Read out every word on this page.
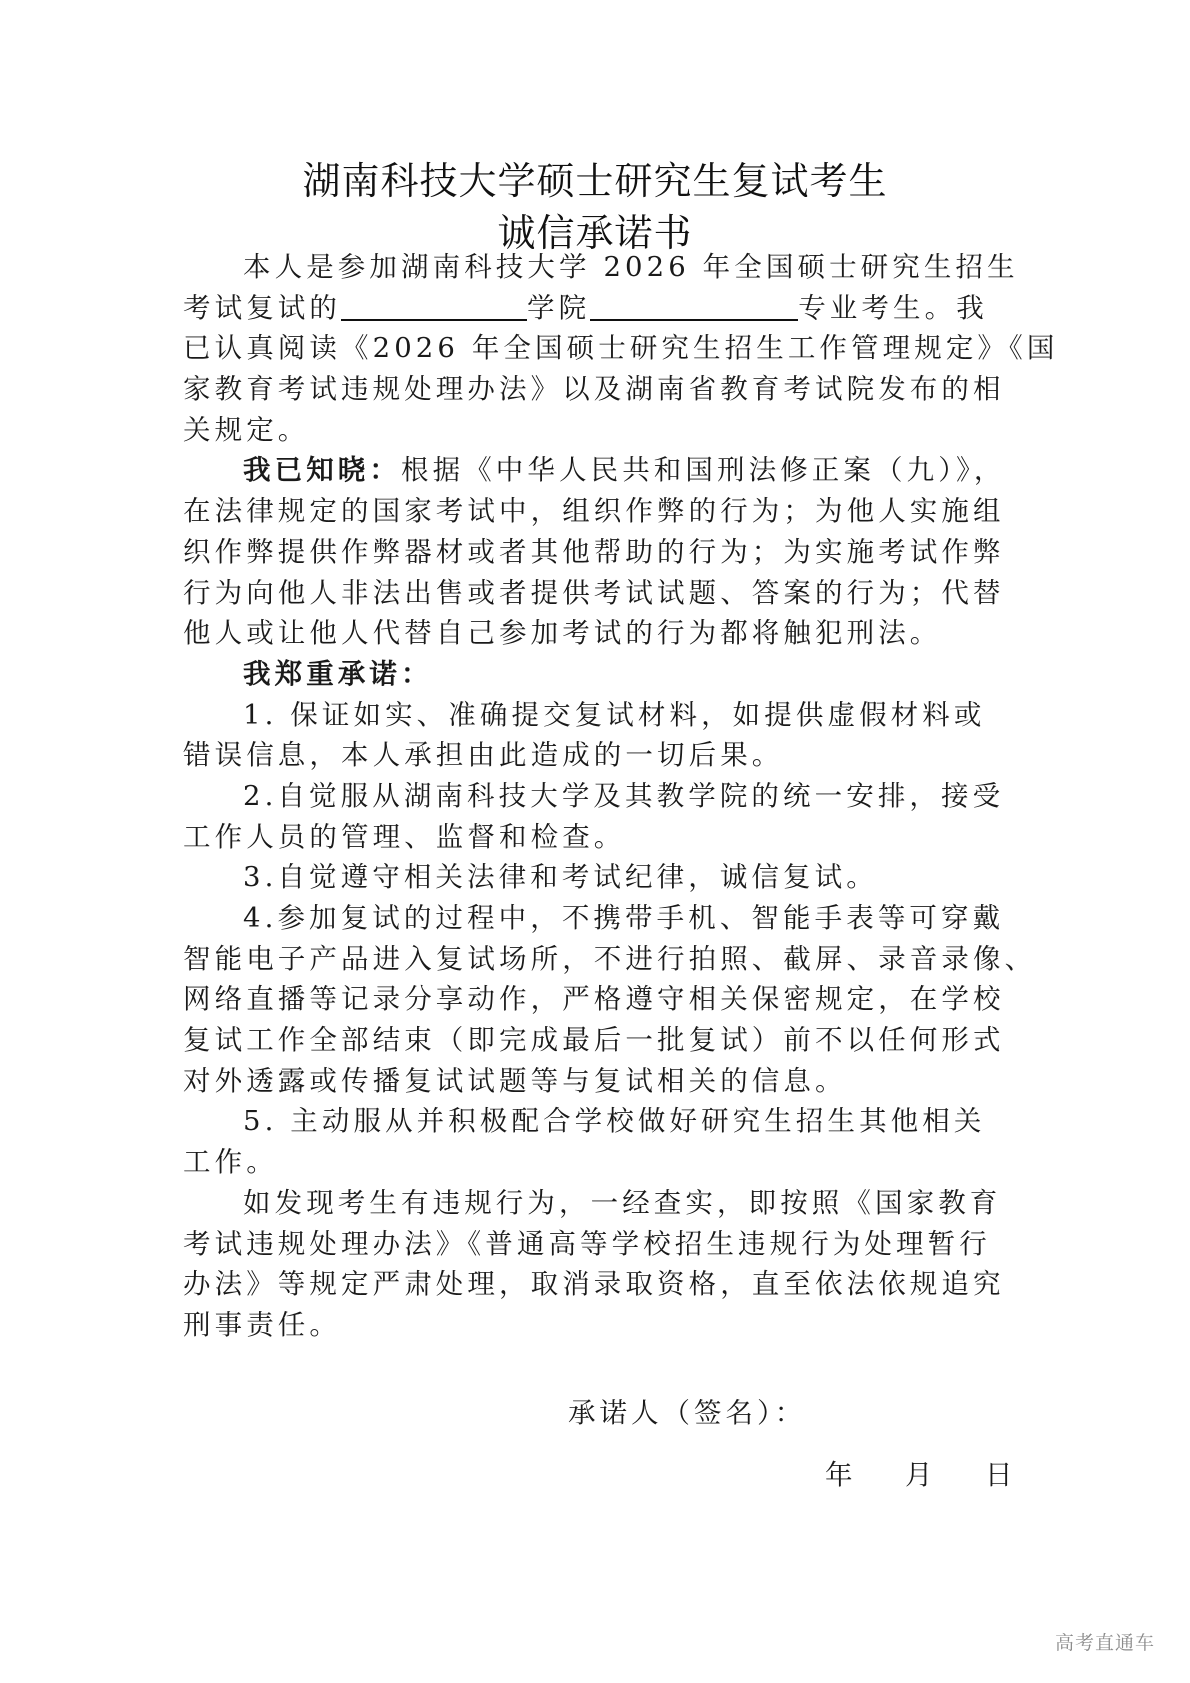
湖南科技大学硕士研究生复试考生
诚信承诺书
本人是参加湖南科技大学 2026 年全国硕士研究生招生
考试复试的	学院	专业考生。我
已认真阅读《2026 年全国硕士研究生招生工作管理规定》《国
家教育考试违规处理办法》以及湖南省教育考试院发布的相
关规定。
我已知晓：根据《中华人民共和国刑法修正案（九）》，
在法律规定的国家考试中，组织作弊的行为；为他人实施组
织作弊提供作弊器材或者其他帮助的行为；为实施考试作弊
行为向他人非法出售或者提供考试试题、答案的行为；代替
他人或让他人代替自己参加考试的行为都将触犯刑法。
我郑重承诺：
1. 保证如实、准确提交复试材料，如提供虚假材料或
错误信息，本人承担由此造成的一切后果。
2.自觉服从湖南科技大学及其教学院的统一安排，接受
工作人员的管理、监督和检查。
3.自觉遵守相关法律和考试纪律，诚信复试。
4.参加复试的过程中，不携带手机、智能手表等可穿戴
智能电子产品进入复试场所，不进行拍照、截屏、录音录像、
网络直播等记录分享动作，严格遵守相关保密规定，在学校
复试工作全部结束（即完成最后一批复试）前不以任何形式
对外透露或传播复试试题等与复试相关的信息。
5. 主动服从并积极配合学校做好研究生招生其他相关
工作。
如发现考生有违规行为，一经查实，即按照《国家教育
考试违规处理办法》《普通高等学校招生违规行为处理暂行
办法》等规定严肃处理，取消录取资格，直至依法依规追究
刑事责任。
承诺人（签名）：
年 月 日
高考直通车
